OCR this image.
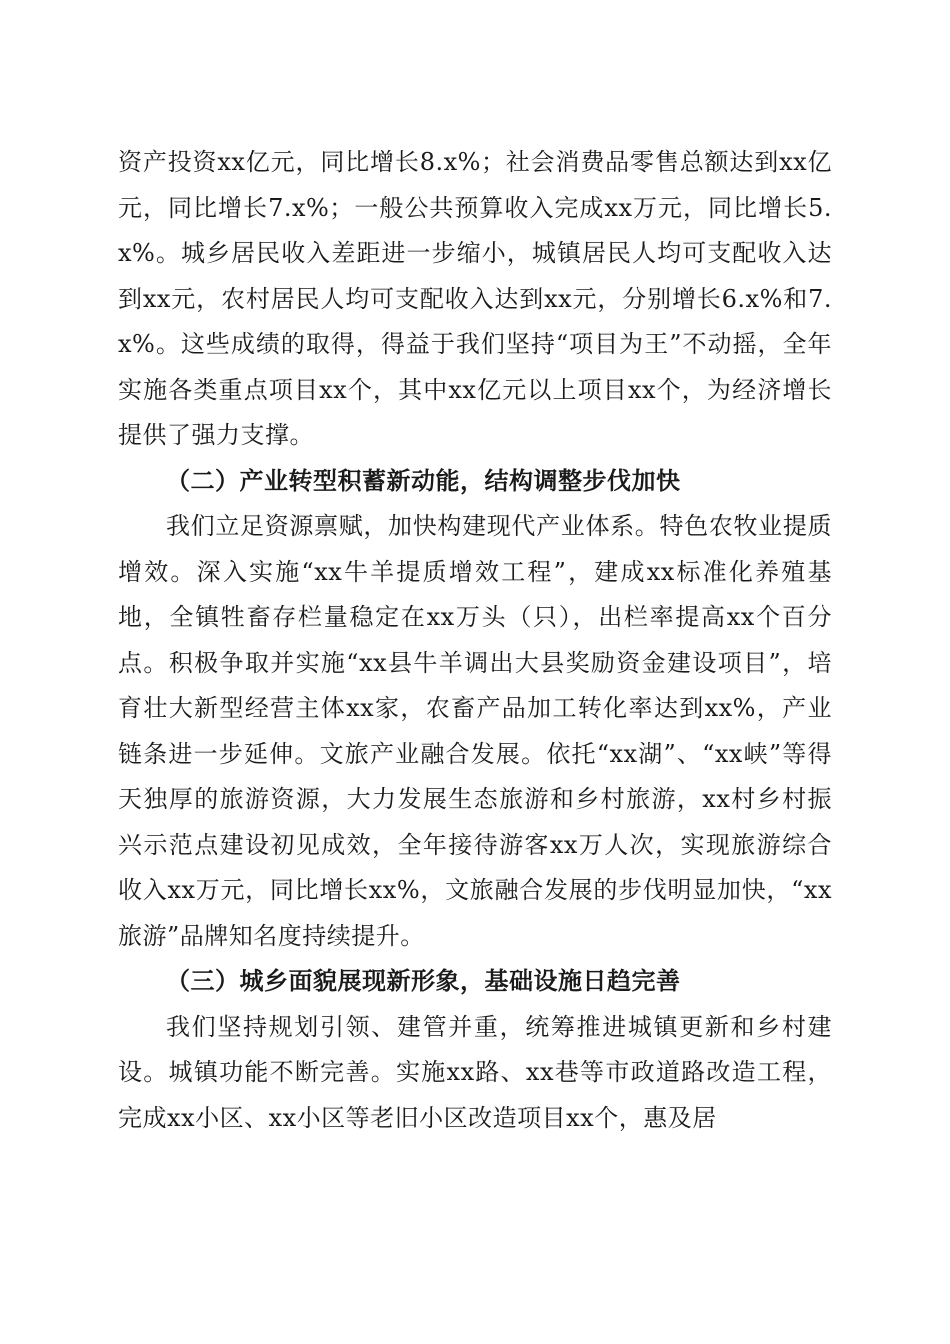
资产投资xx亿元，同比增长8.x%；社会消费品零售总额达到xx亿元，同比增长7.x%；一般公共预算收入完成xx万元，同比增长5.x%。城乡居民收入差距进一步缩小，城镇居民人均可支配收入达到xx元，农村居民人均可支配收入达到xx元，分别增长6.x%和7.x%。这些成绩的取得，得益于我们坚持“项目为王”不动摇，全年实施各类重点项目xx个，其中xx亿元以上项目xx个，为经济增长提供了强力支撑。

（二）产业转型积蓄新动能，结构调整步伐加快

我们立足资源禀赋，加快构建现代产业体系。特色农牧业提质增效。深入实施“xx牛羊提质增效工程”，建成xx标准化养殖基地，全镇牲畜存栏量稳定在xx万头（只），出栏率提高xx个百分点。积极争取并实施“xx县牛羊调出大县奖励资金建设项目”，培育壮大新型经营主体xx家，农畜产品加工转化率达到xx%，产业链条进一步延伸。文旅产业融合发展。依托“xx湖”、“xx峡”等得天独厚的旅游资源，大力发展生态旅游和乡村旅游，xx村乡村振兴示范点建设初见成效，全年接待游客xx万人次，实现旅游综合收入xx万元，同比增长xx%，文旅融合发展的步伐明显加快，“xx旅游”品牌知名度持续提升。

（三）城乡面貌展现新形象，基础设施日趋完善

我们坚持规划引领、建管并重，统筹推进城镇更新和乡村建设。城镇功能不断完善。实施xx路、xx巷等市政道路改造工程，完成xx小区、xx小区等老旧小区改造项目xx个，惠及居
